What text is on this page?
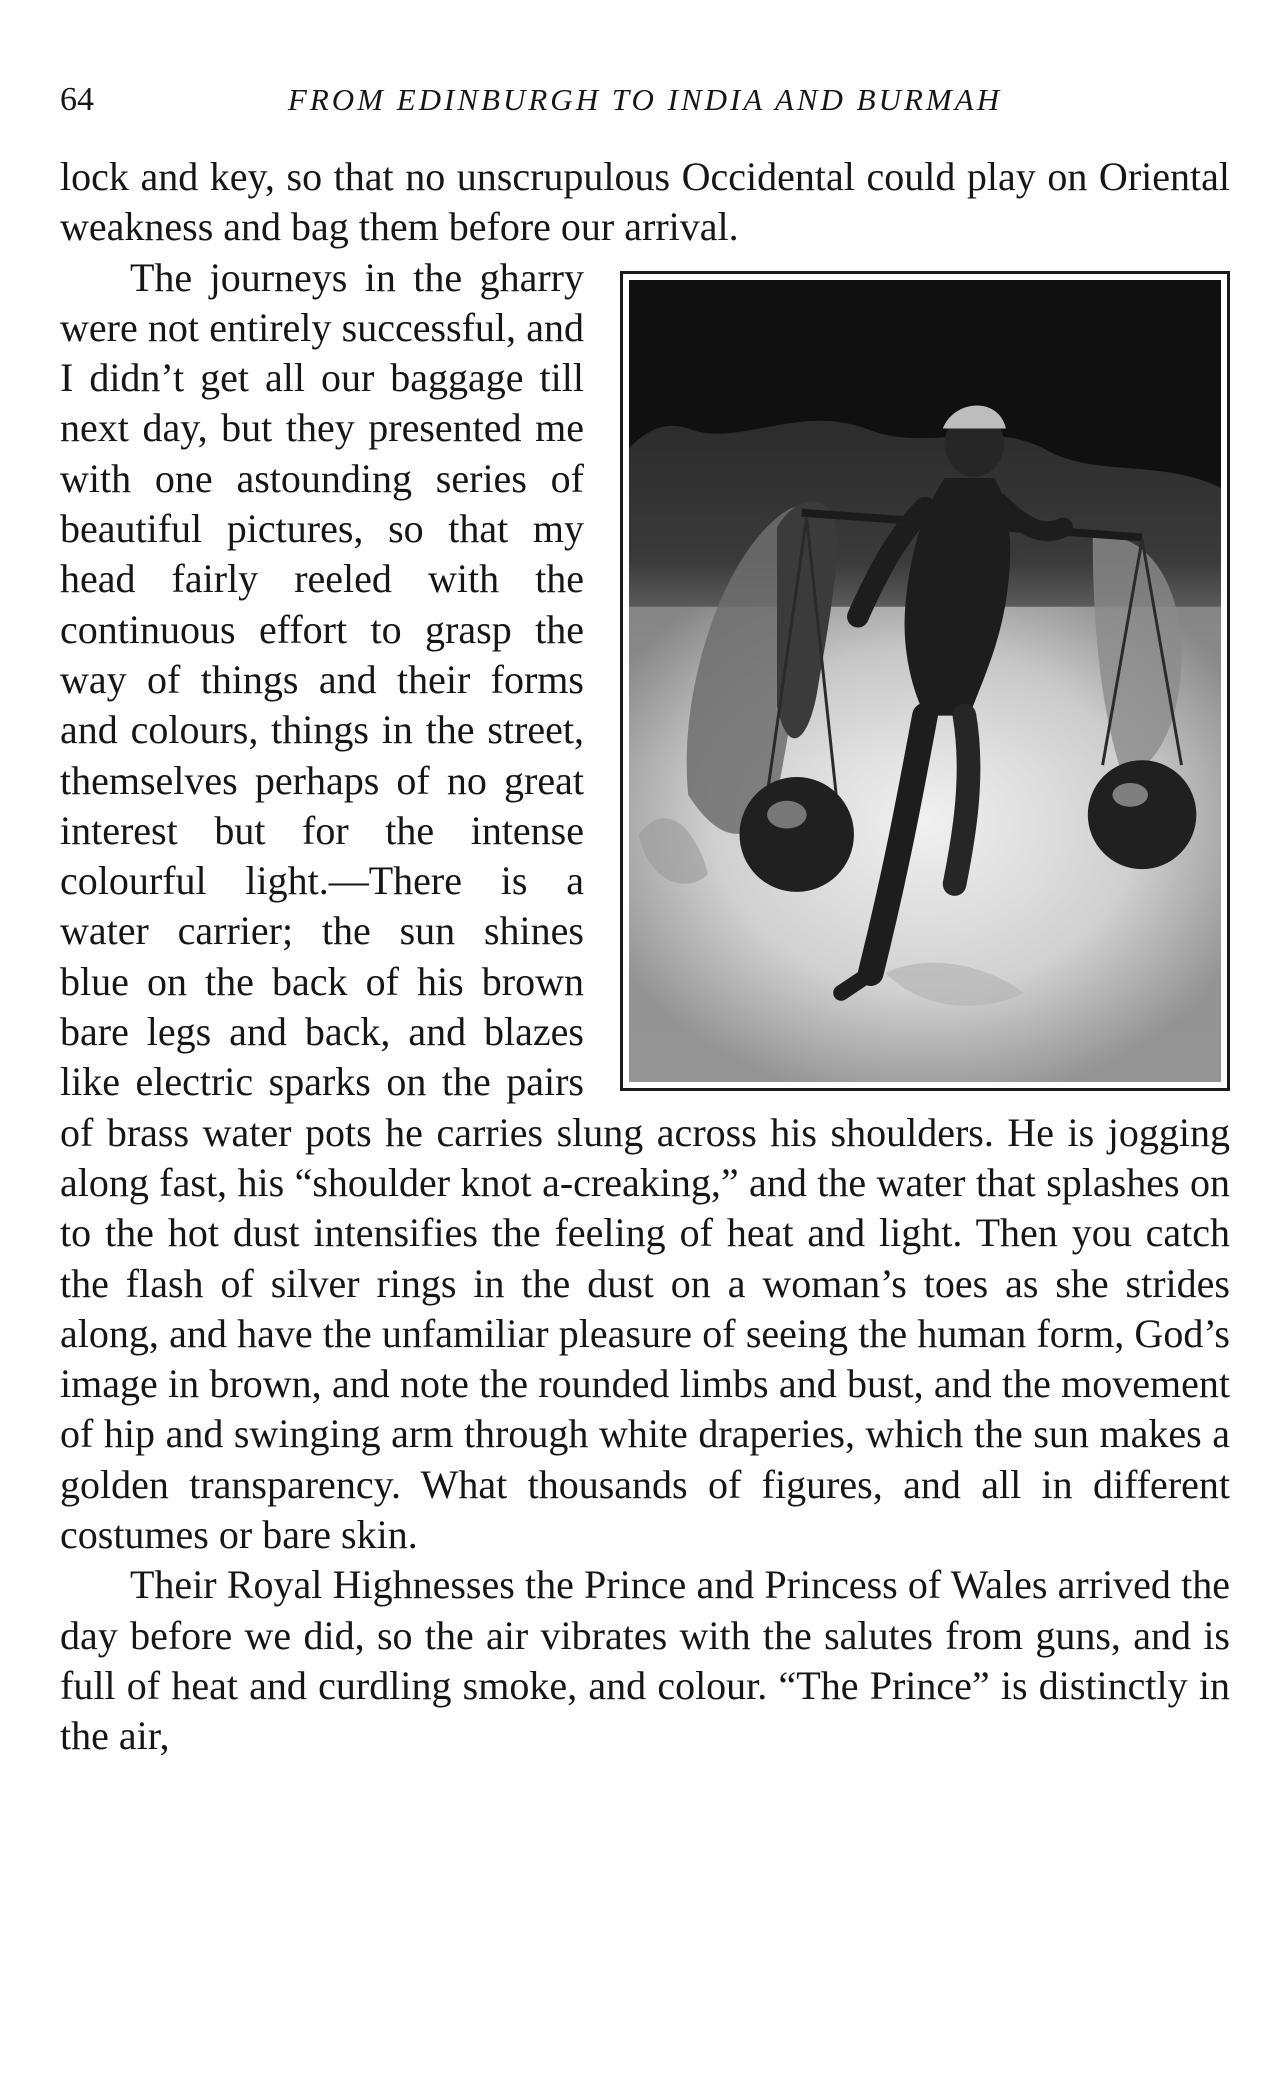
64	FROM EDINBURGH TO INDIA AND BURMAH

lock and key, so that no unscrupulous Occidental could play on Oriental weakness and bag them before our arrival.

The journeys in the gharry were not entirely successful, and I didn’t get all our baggage till next day, but they presented me with one astounding series of beautiful pictures, so that my head fairly reeled with the continuous effort to grasp the way of things and their forms and colours, things in the street, themselves perhaps of no great interest but for the intense colourful light.—There is a water carrier; the sun shines blue on the back of his brown bare legs and back, and blazes like electric sparks on the pairs of brass water pots he carries slung across his shoulders. He is jogging along fast, his “shoulder knot a-creaking,” and the water that splashes on to the hot dust intensifies the feeling of heat and light. Then you catch the flash of silver rings in the dust on a woman’s toes as she strides along, and have the unfamiliar pleasure of seeing the human form, God’s image in brown, and note the rounded limbs and bust, and the movement of hip and swinging arm through white draperies, which the sun makes a golden transparency. What thousands of figures, and all in different costumes or bare skin.

Their Royal Highnesses the Prince and Princess of Wales arrived the day before we did, so the air vibrates with the salutes from guns, and is full of heat and curdling smoke, and colour. “The Prince” is distinctly in the air,
